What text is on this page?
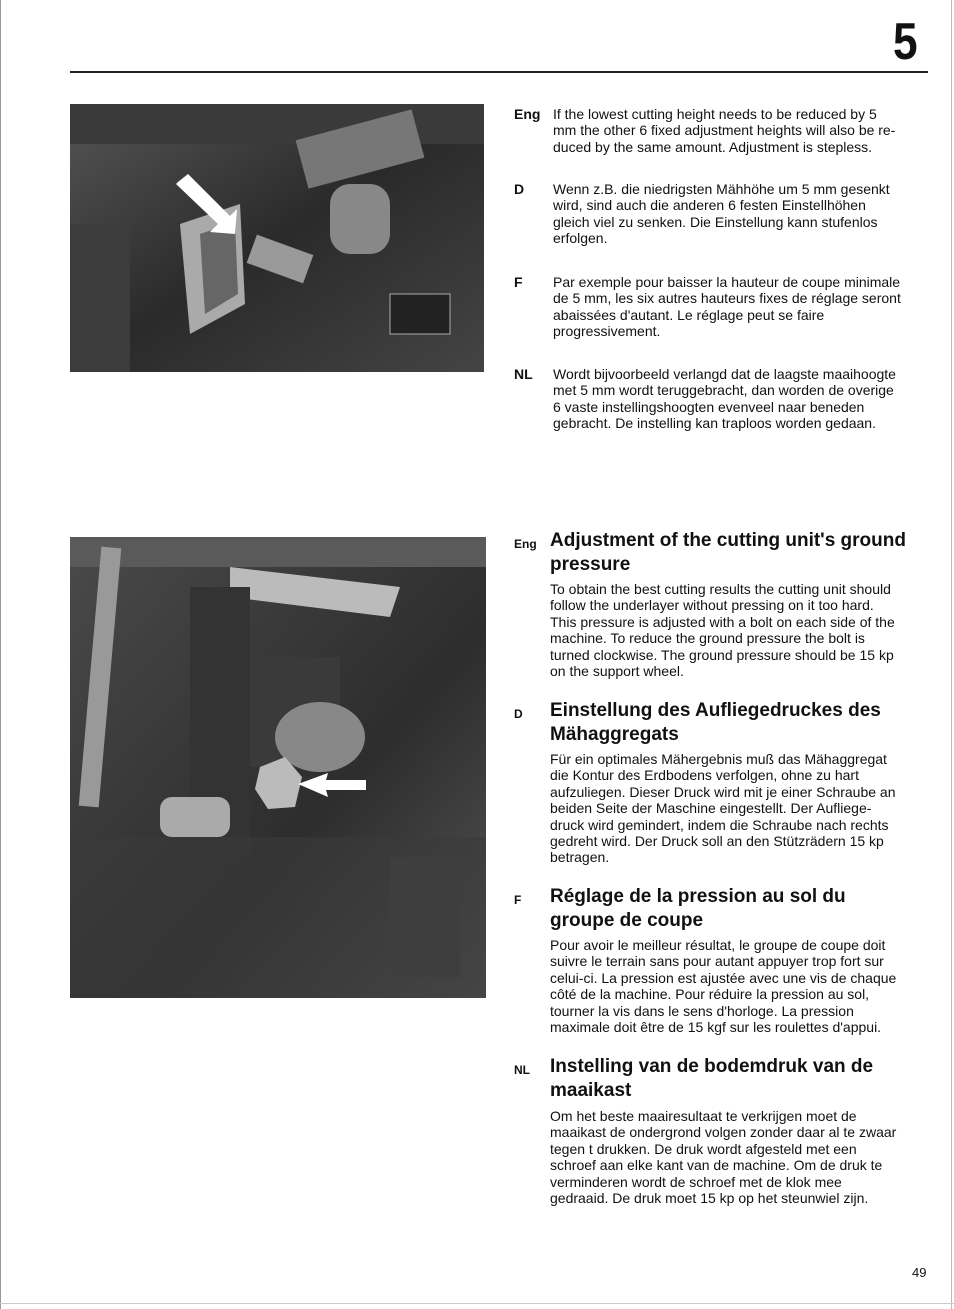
5
Eng If the lowest cutting height needs to be reduced by 5
mm the other 6 fixed adjustment heights will also be re-
duced by the same amount. Adjustment is stepless.
D Wenn z.B. die niedrigsten Mähhöhe um 5 mm gesenkt
wird, sind auch die anderen 6 festen Einstellhöhen
gleich viel zu senken. Die Einstellung kann stufenlos
erfolgen.
F Par exemple pour baisser la hauteur de coupe minimale
de 5 mm, les six autres hauteurs fixes de réglage seront
abaissées d'autant. Le réglage peut se faire
progressivement.
NL Wordt bijvoorbeeld verlangd dat de laagste maaihoogte
met 5 mm wordt teruggebracht, dan worden de overige
6 vaste instellingshoogten evenveel naar beneden
gebracht. De instelling kan traploos worden gedaan.
Eng Adjustment of the cutting unit's ground
pressure
To obtain the best cutting results the cutting unit should
follow the underlayer without pressing on it too hard.
This pressure is adjusted with a bolt on each side of the
machine. To reduce the ground pressure the bolt is
turned clockwise. The ground pressure should be 15 kp
on the support wheel.
D Einstellung des Aufliegedruckes des
Mähaggregats
Für ein optimales Mähergebnis muß das Mähaggregat
die Kontur des Erdbodens verfolgen, ohne zu hart
aufzuliegen. Dieser Druck wird mit je einer Schraube an
beiden Seite der Maschine eingestellt. Der Aufliege-
druck wird gemindert, indem die Schraube nach rechts
gedreht wird. Der Druck soll an den Stützrädern 15 kp
betragen.
F Réglage de la pression au sol du
groupe de coupe
Pour avoir le meilleur résultat, le groupe de coupe doit
suivre le terrain sans pour autant appuyer trop fort sur
celui-ci. La pression est ajustée avec une vis de chaque
côté de la machine. Pour réduire la pression au sol,
tourner la vis dans le sens d'horloge. La pression
maximale doit être de 15 kgf sur les roulettes d'appui.
NL Instelling van de bodemdruk van de
maaikast
Om het beste maairesultaat te verkrijgen moet de
maaikast de ondergrond volgen zonder daar al te zwaar
tegen t drukken. De druk wordt afgesteld met een
schroef aan elke kant van de machine. Om de druk te
verminderen wordt de schroef met de klok mee
gedraaid. De druk moet 15 kp op het steunwiel zijn.
49
